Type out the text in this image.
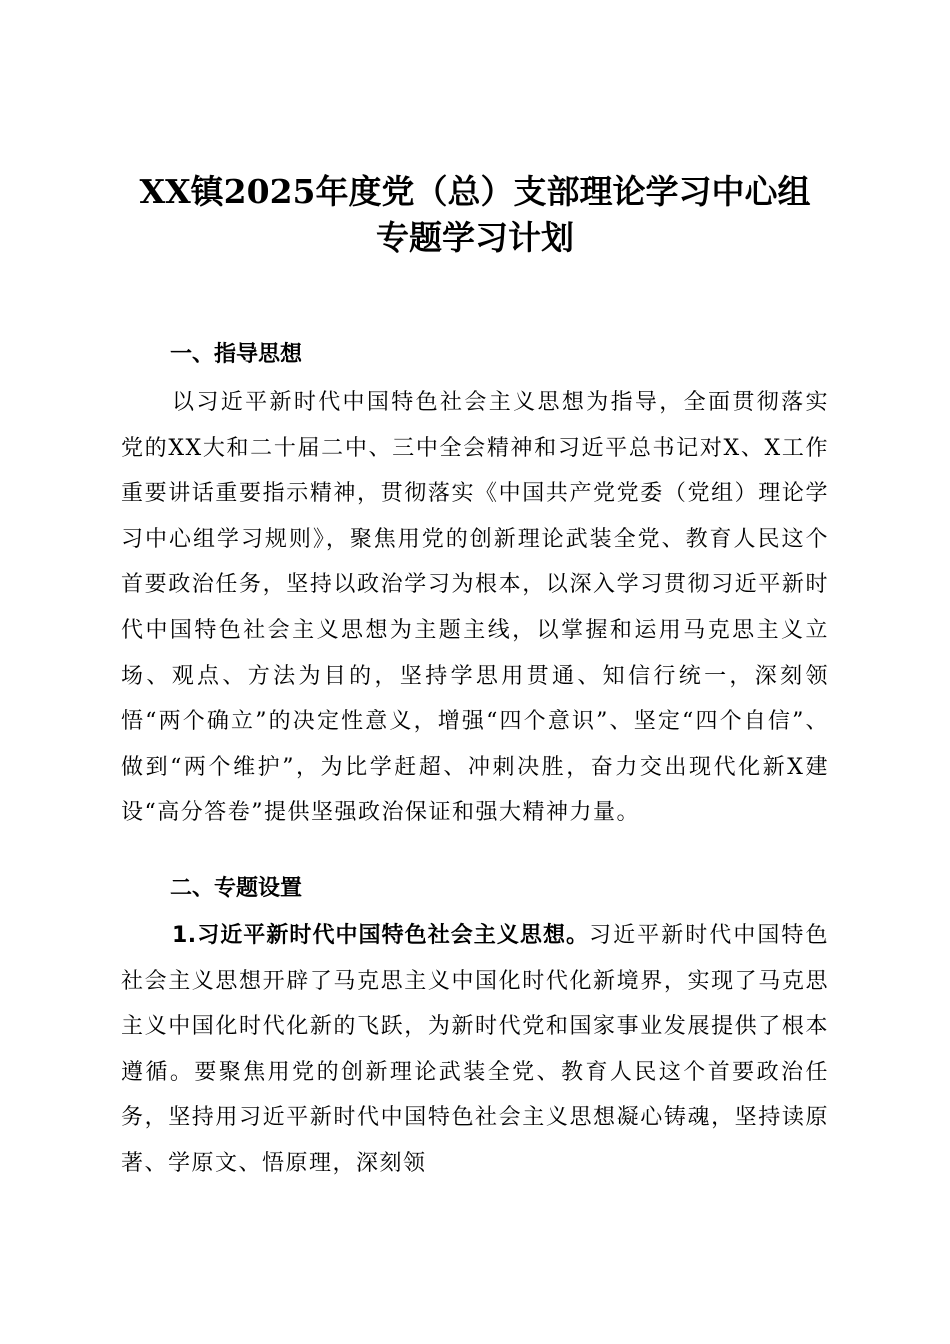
XX镇2025年度党（总）支部理论学习中心组
专题学习计划
一、指导思想

以习近平新时代中国特色社会主义思想为指导，全面贯彻落实党的XX大和二十届二中、三中全会精神和习近平总书记对X、X工作重要讲话重要指示精神，贯彻落实《中国共产党党委（党组）理论学习中心组学习规则》，聚焦用党的创新理论武装全党、教育人民这个首要政治任务，坚持以政治学习为根本，以深入学习贯彻习近平新时代中国特色社会主义思想为主题主线，以掌握和运用马克思主义立场、观点、方法为目的，坚持学思用贯通、知信行统一，深刻领悟“两个确立”的决定性意义，增强“四个意识”、坚定“四个自信”、做到“两个维护”，为比学赶超、冲刺决胜，奋力交出现代化新X建设“高分答卷”提供坚强政治保证和强大精神力量。

二、专题设置

1.习近平新时代中国特色社会主义思想。习近平新时代中国特色社会主义思想开辟了马克思主义中国化时代化新境界，实现了马克思主义中国化时代化新的飞跃，为新时代党和国家事业发展提供了根本遵循。要聚焦用党的创新理论武装全党、教育人民这个首要政治任务，坚持用习近平新时代中国特色社会主义思想凝心铸魂，坚持读原著、学原文、悟原理，深刻领
